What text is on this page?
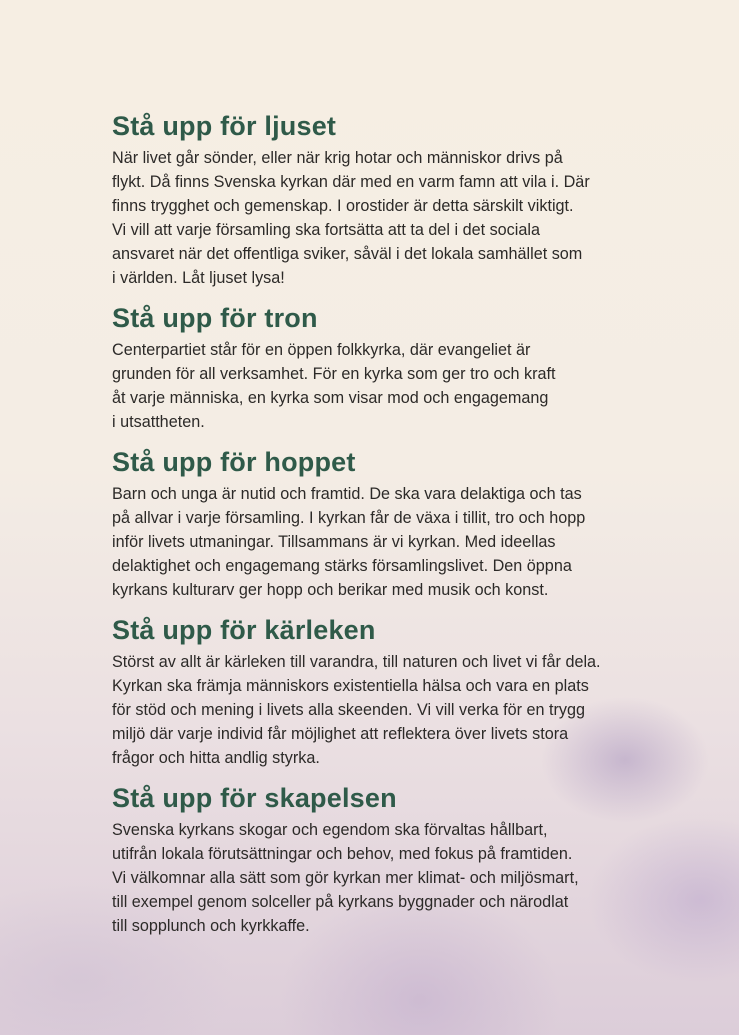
Stå upp för ljuset
När livet går sönder, eller när krig hotar och människor drivs på
flykt. Då finns Svenska kyrkan där med en varm famn att vila i. Där
finns trygghet och gemenskap. I orostider är detta särskilt viktigt.
Vi vill att varje församling ska fortsätta att ta del i det sociala
ansvaret när det offentliga sviker, såväl i det lokala samhället som
i världen. Låt ljuset lysa!
Stå upp för tron
Centerpartiet står för en öppen folkkyrka, där evangeliet är
grunden för all verksamhet. För en kyrka som ger tro och kraft
åt varje människa, en kyrka som visar mod och engagemang
i utsattheten.
Stå upp för hoppet
Barn och unga är nutid och framtid. De ska vara delaktiga och tas
på allvar i varje församling. I kyrkan får de växa i tillit, tro och hopp
inför livets utmaningar. Tillsammans är vi kyrkan. Med ideellas
delaktighet och engagemang stärks församlingslivet. Den öppna
kyrkans kulturarv ger hopp och berikar med musik och konst.
Stå upp för kärleken
Störst av allt är kärleken till varandra, till naturen och livet vi får dela.
Kyrkan ska främja människors existentiella hälsa och vara en plats
för stöd och mening i livets alla skeenden. Vi vill verka för en trygg
miljö där varje individ får möjlighet att reflektera över livets stora
frågor och hitta andlig styrka.
Stå upp för skapelsen
Svenska kyrkans skogar och egendom ska förvaltas hållbart,
utifrån lokala förutsättningar och behov, med fokus på framtiden.
Vi välkomnar alla sätt som gör kyrkan mer klimat- och miljösmart,
till exempel genom solceller på kyrkans byggnader och närodlat
till sopplunch och kyrkkaffe.
